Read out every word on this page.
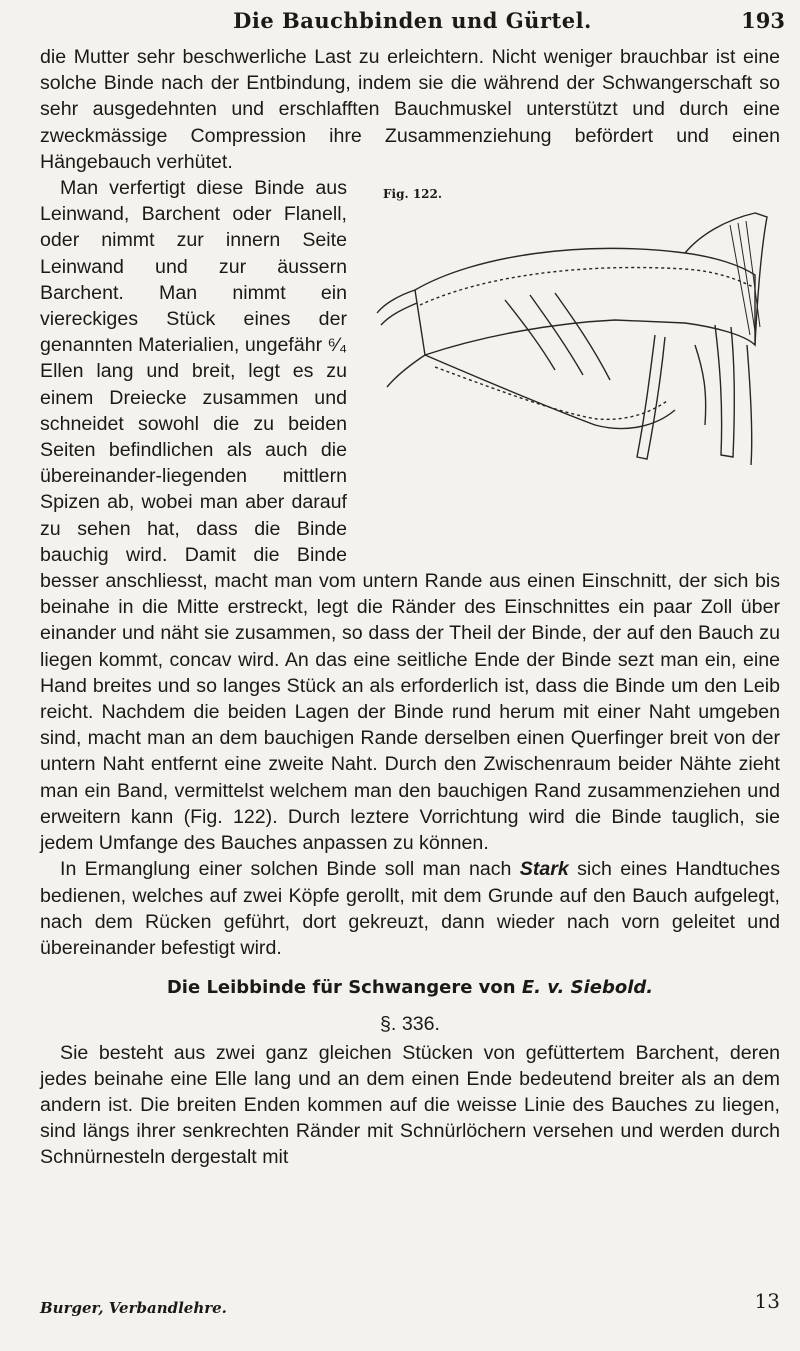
Die Bauchbinden und Gürtel.	193

die Mutter sehr beschwerliche Last zu erleichtern. Nicht weniger brauchbar ist eine solche Binde nach der Entbindung, indem sie die während der Schwangerschaft so sehr ausgedehnten und erschlafften Bauchmuskel unterstützt und durch eine zweckmässige Compression ihre Zusammenziehung befördert und einen Hängebauch verhütet.

Fig. 122.
Man verfertigt diese Binde aus Leinwand, Barchent oder Flanell, oder nimmt zur innern Seite Leinwand und zur äussern Barchent. Man nimmt ein viereckiges Stück eines der genannten Materialien, ungefähr ⁶⁄₄ Ellen lang und breit, legt es zu einem Dreiecke zusammen und schneidet sowohl die zu beiden Seiten befindlichen als auch die übereinander-liegenden mittlern Spizen ab, wobei man aber darauf zu sehen hat, dass die Binde bauchig wird. Damit die Binde besser anschliesst, macht man vom untern Rande aus einen Einschnitt, der sich bis beinahe in die Mitte erstreckt, legt die Ränder des Einschnittes ein paar Zoll über einander und näht sie zusammen, so dass der Theil der Binde, der auf den Bauch zu liegen kommt, concav wird. An das eine seitliche Ende der Binde sezt man ein, eine Hand breites und so langes Stück an als erforderlich ist, dass die Binde um den Leib reicht. Nachdem die beiden Lagen der Binde rund herum mit einer Naht umgeben sind, macht man an dem bauchigen Rande derselben einen Querfinger breit von der untern Naht entfernt eine zweite Naht. Durch den Zwischenraum beider Nähte zieht man ein Band, vermittelst welchem man den bauchigen Rand zusammenziehen und erweitern kann (Fig. 122). Durch leztere Vorrichtung wird die Binde tauglich, sie jedem Umfange des Bauches anpassen zu können.

In Ermanglung einer solchen Binde soll man nach Stark sich eines Handtuches bedienen, welches auf zwei Köpfe gerollt, mit dem Grunde auf den Bauch aufgelegt, nach dem Rücken geführt, dort gekreuzt, dann wieder nach vorn geleitet und übereinander befestigt wird.

Die Leibbinde für Schwangere von E. v. Siebold.
§. 336.

Sie besteht aus zwei ganz gleichen Stücken von gefüttertem Barchent, deren jedes beinahe eine Elle lang und an dem einen Ende bedeutend breiter als an dem andern ist. Die breiten Enden kommen auf die weisse Linie des Bauches zu liegen, sind längs ihrer senkrechten Ränder mit Schnürlöchern versehen und werden durch Schnürnesteln dergestalt mit

Burger, Verbandlehre.	13
